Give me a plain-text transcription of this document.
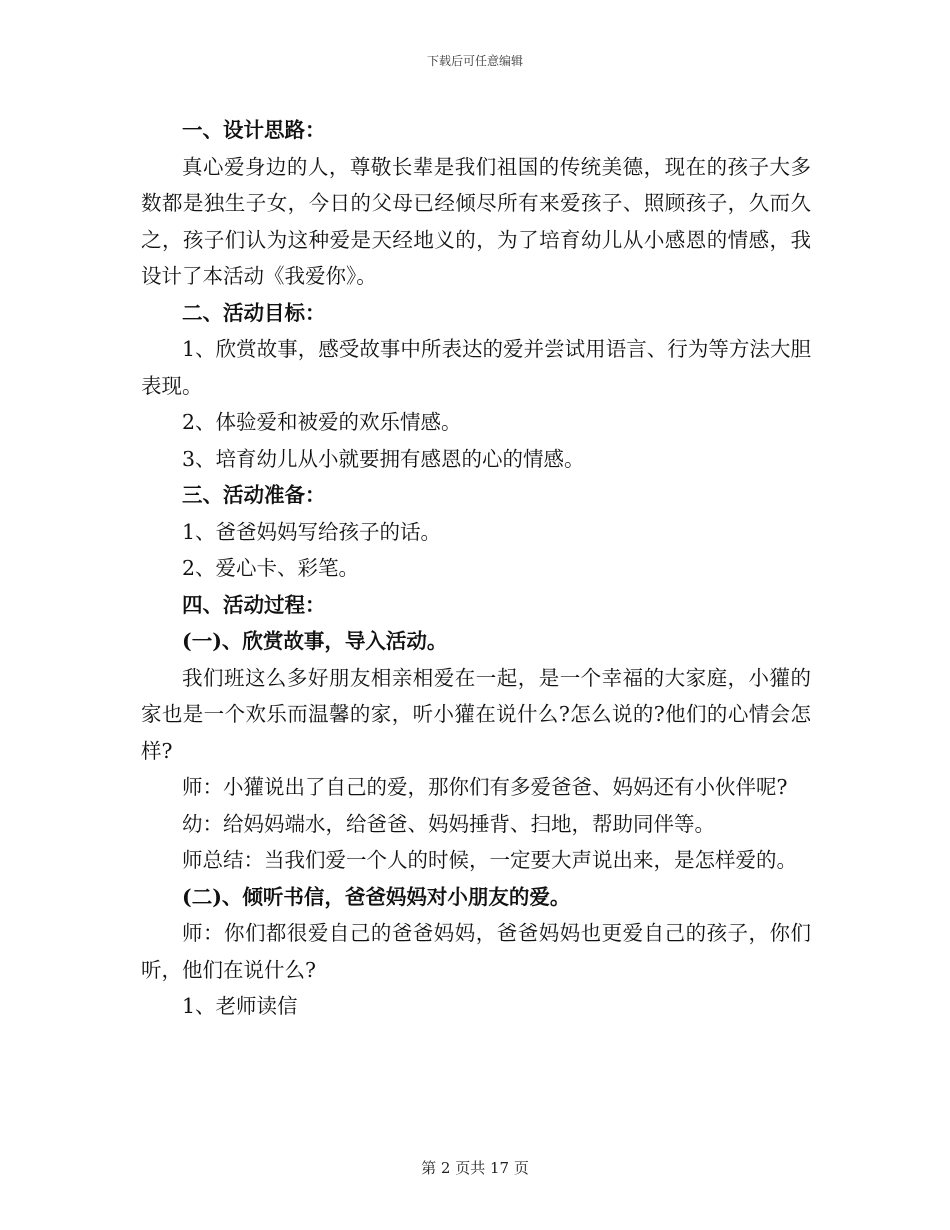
下载后可任意编辑

一、设计思路：

真心爱身边的人，尊敬长辈是我们祖国的传统美德，现在的孩子大多数都是独生子女，今日的父母已经倾尽所有来爱孩子、照顾孩子，久而久之，孩子们认为这种爱是天经地义的，为了培育幼儿从小感恩的情感，我设计了本活动《我爱你》。

二、活动目标：

1、欣赏故事，感受故事中所表达的爱并尝试用语言、行为等方法大胆表现。

2、体验爱和被爱的欢乐情感。

3、培育幼儿从小就要拥有感恩的心的情感。

三、活动准备：

1、爸爸妈妈写给孩子的话。

2、爱心卡、彩笔。

四、活动过程：

(一)、欣赏故事，导入活动。

我们班这么多好朋友相亲相爱在一起，是一个幸福的大家庭，小獾的家也是一个欢乐而温馨的家，听小獾在说什么?怎么说的?他们的心情会怎样?

师：小獾说出了自己的爱，那你们有多爱爸爸、妈妈还有小伙伴呢?

幼：给妈妈端水，给爸爸、妈妈捶背、扫地，帮助同伴等。

师总结：当我们爱一个人的时候，一定要大声说出来，是怎样爱的。

(二)、倾听书信，爸爸妈妈对小朋友的爱。

师：你们都很爱自己的爸爸妈妈，爸爸妈妈也更爱自己的孩子，你们听，他们在说什么?

1、老师读信

第 2 页共 17 页
